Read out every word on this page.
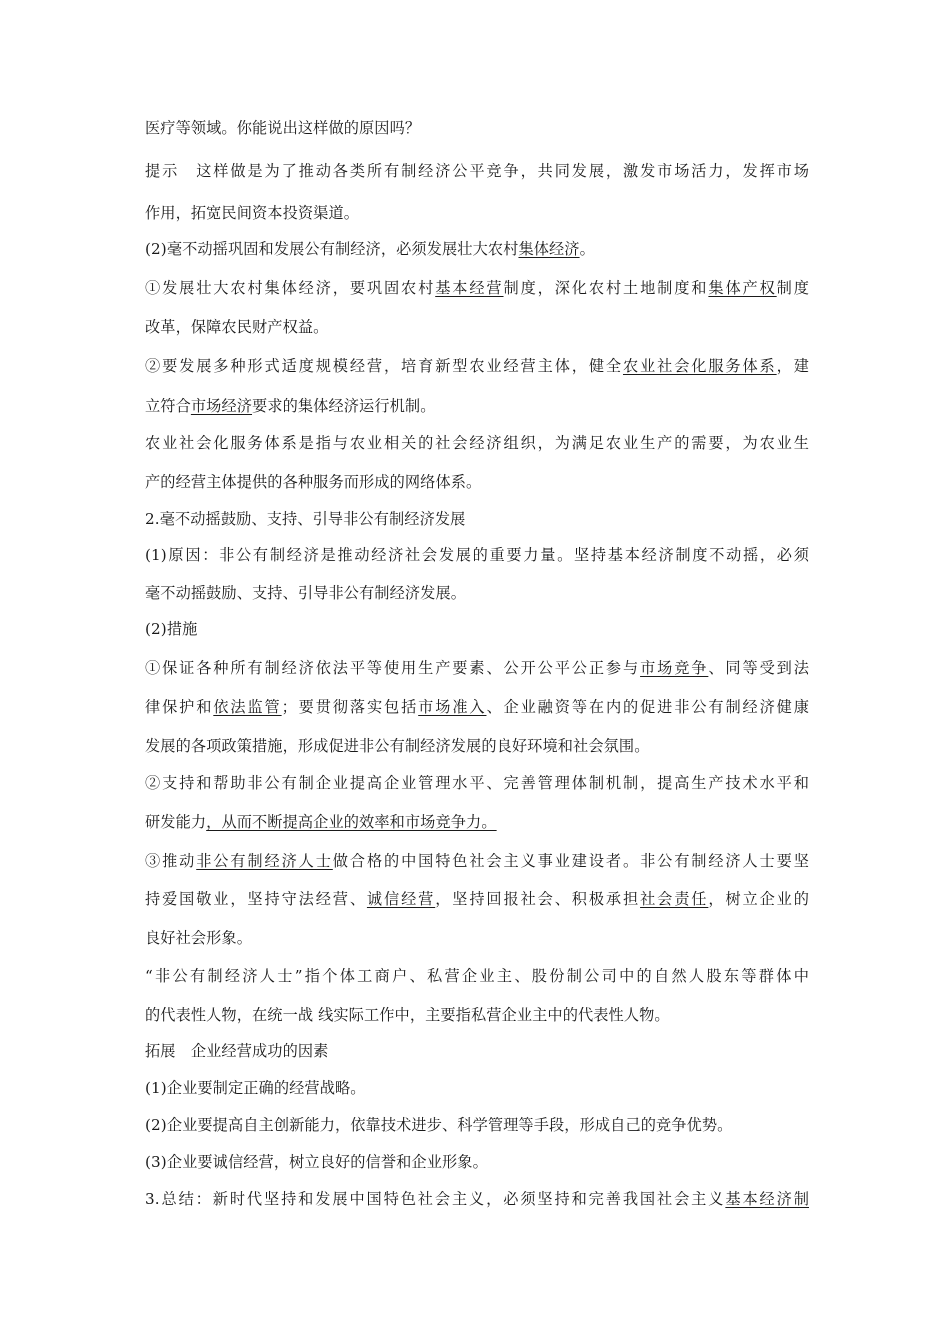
医疗等领域。你能说出这样做的原因吗？
提示　这样做是为了推动各类所有制经济公平竞争，共同发展，激发市场活力，发挥市场
作用，拓宽民间资本投资渠道。
(2)毫不动摇巩固和发展公有制经济，必须发展壮大农村集体经济。
①发展壮大农村集体经济，要巩固农村基本经营制度，深化农村土地制度和集体产权制度
改革，保障农民财产权益。
②要发展多种形式适度规模经营，培育新型农业经营主体，健全农业社会化服务体系，建
立符合市场经济要求的集体经济运行机制。
农业社会化服务体系是指与农业相关的社会经济组织，为满足农业生产的需要，为农业生
产的经营主体提供的各种服务而形成的网络体系。
2.毫不动摇鼓励、支持、引导非公有制经济发展
(1)原因：非公有制经济是推动经济社会发展的重要力量。坚持基本经济制度不动摇，必须
毫不动摇鼓励、支持、引导非公有制经济发展。
(2)措施
①保证各种所有制经济依法平等使用生产要素、公开公平公正参与市场竞争、同等受到法
律保护和依法监管；要贯彻落实包括市场准入、企业融资等在内的促进非公有制经济健康
发展的各项政策措施，形成促进非公有制经济发展的良好环境和社会氛围。
②支持和帮助非公有制企业提高企业管理水平、完善管理体制机制，提高生产技术水平和
研发能力，从而不断提高企业的效率和市场竞争力。
③推动非公有制经济人士做合格的中国特色社会主义事业建设者。非公有制经济人士要坚
持爱国敬业，坚持守法经营、诚信经营，坚持回报社会、积极承担社会责任，树立企业的
良好社会形象。
“非公有制经济人士”指个体工商户、私营企业主、股份制公司中的自然人股东等群体中
的代表性人物，在统一战 线实际工作中，主要指私营企业主中的代表性人物。
拓展　企业经营成功的因素
(1)企业要制定正确的经营战略。
(2)企业要提高自主创新能力，依靠技术进步、科学管理等手段，形成自己的竞争优势。
(3)企业要诚信经营，树立良好的信誉和企业形象。
3.总结：新时代坚持和发展中国特色社会主义，必须坚持和完善我国社会主义基本经济制
